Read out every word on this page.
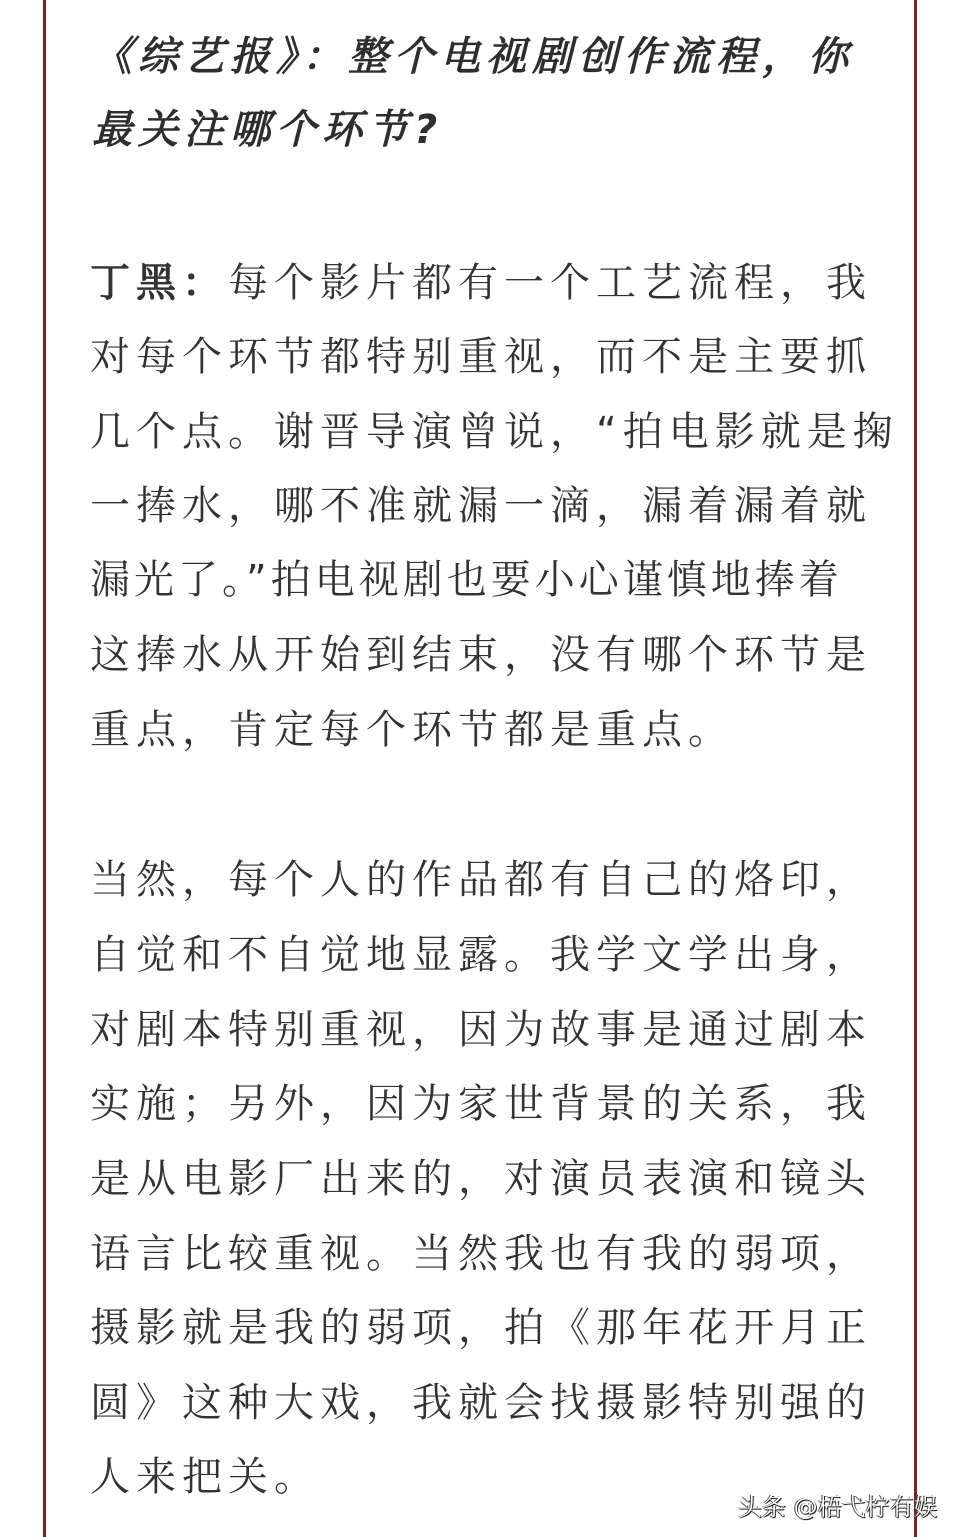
《综艺报》：整个电视剧创作流程，你
最关注哪个环节?
丁黑：每个影片都有一个工艺流程，我
对每个环节都特别重视，而不是主要抓
几个点。谢晋导演曾说，“拍电影就是掬
一捧水，哪不准就漏一滴，漏着漏着就
漏光了。”拍电视剧也要小心谨慎地捧着
这捧水从开始到结束，没有哪个环节是
重点，肯定每个环节都是重点。
当然，每个人的作品都有自己的烙印，
自觉和不自觉地显露。我学文学出身，
对剧本特别重视，因为故事是通过剧本
实施；另外，因为家世背景的关系，我
是从电影厂出来的，对演员表演和镜头
语言比较重视。当然我也有我的弱项，
摄影就是我的弱项，拍《那年花开月正
圆》这种大戏，我就会找摄影特别强的
人来把关。
头条 @梧弋柠有娱
